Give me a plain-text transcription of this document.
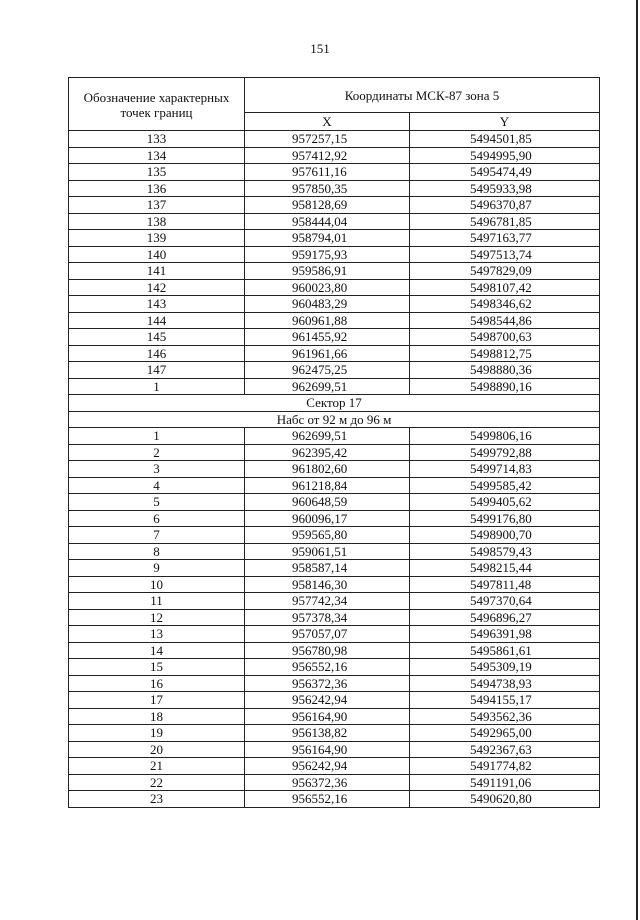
151
Обозначение характерных точек границ	Координаты МСК-87 зона 5	
	X	Y
133	957257,15	5494501,85
134	957412,92	5494995,90
135	957611,16	5495474,49
136	957850,35	5495933,98
137	958128,69	5496370,87
138	958444,04	5496781,85
139	958794,01	5497163,77
140	959175,93	5497513,74
141	959586,91	5497829,09
142	960023,80	5498107,42
143	960483,29	5498346,62
144	960961,88	5498544,86
145	961455,92	5498700,63
146	961961,66	5498812,75
147	962475,25	5498880,36
1	962699,51	5498890,16
Сектор 17		
Набс от 92 м до 96 м		
1	962699,51	5499806,16
2	962395,42	5499792,88
3	961802,60	5499714,83
4	961218,84	5499585,42
5	960648,59	5499405,62
6	960096,17	5499176,80
7	959565,80	5498900,70
8	959061,51	5498579,43
9	958587,14	5498215,44
10	958146,30	5497811,48
11	957742,34	5497370,64
12	957378,34	5496896,27
13	957057,07	5496391,98
14	956780,98	5495861,61
15	956552,16	5495309,19
16	956372,36	5494738,93
17	956242,94	5494155,17
18	956164,90	5493562,36
19	956138,82	5492965,00
20	956164,90	5492367,63
21	956242,94	5491774,82
22	956372,36	5491191,06
23	956552,16	5490620,80
